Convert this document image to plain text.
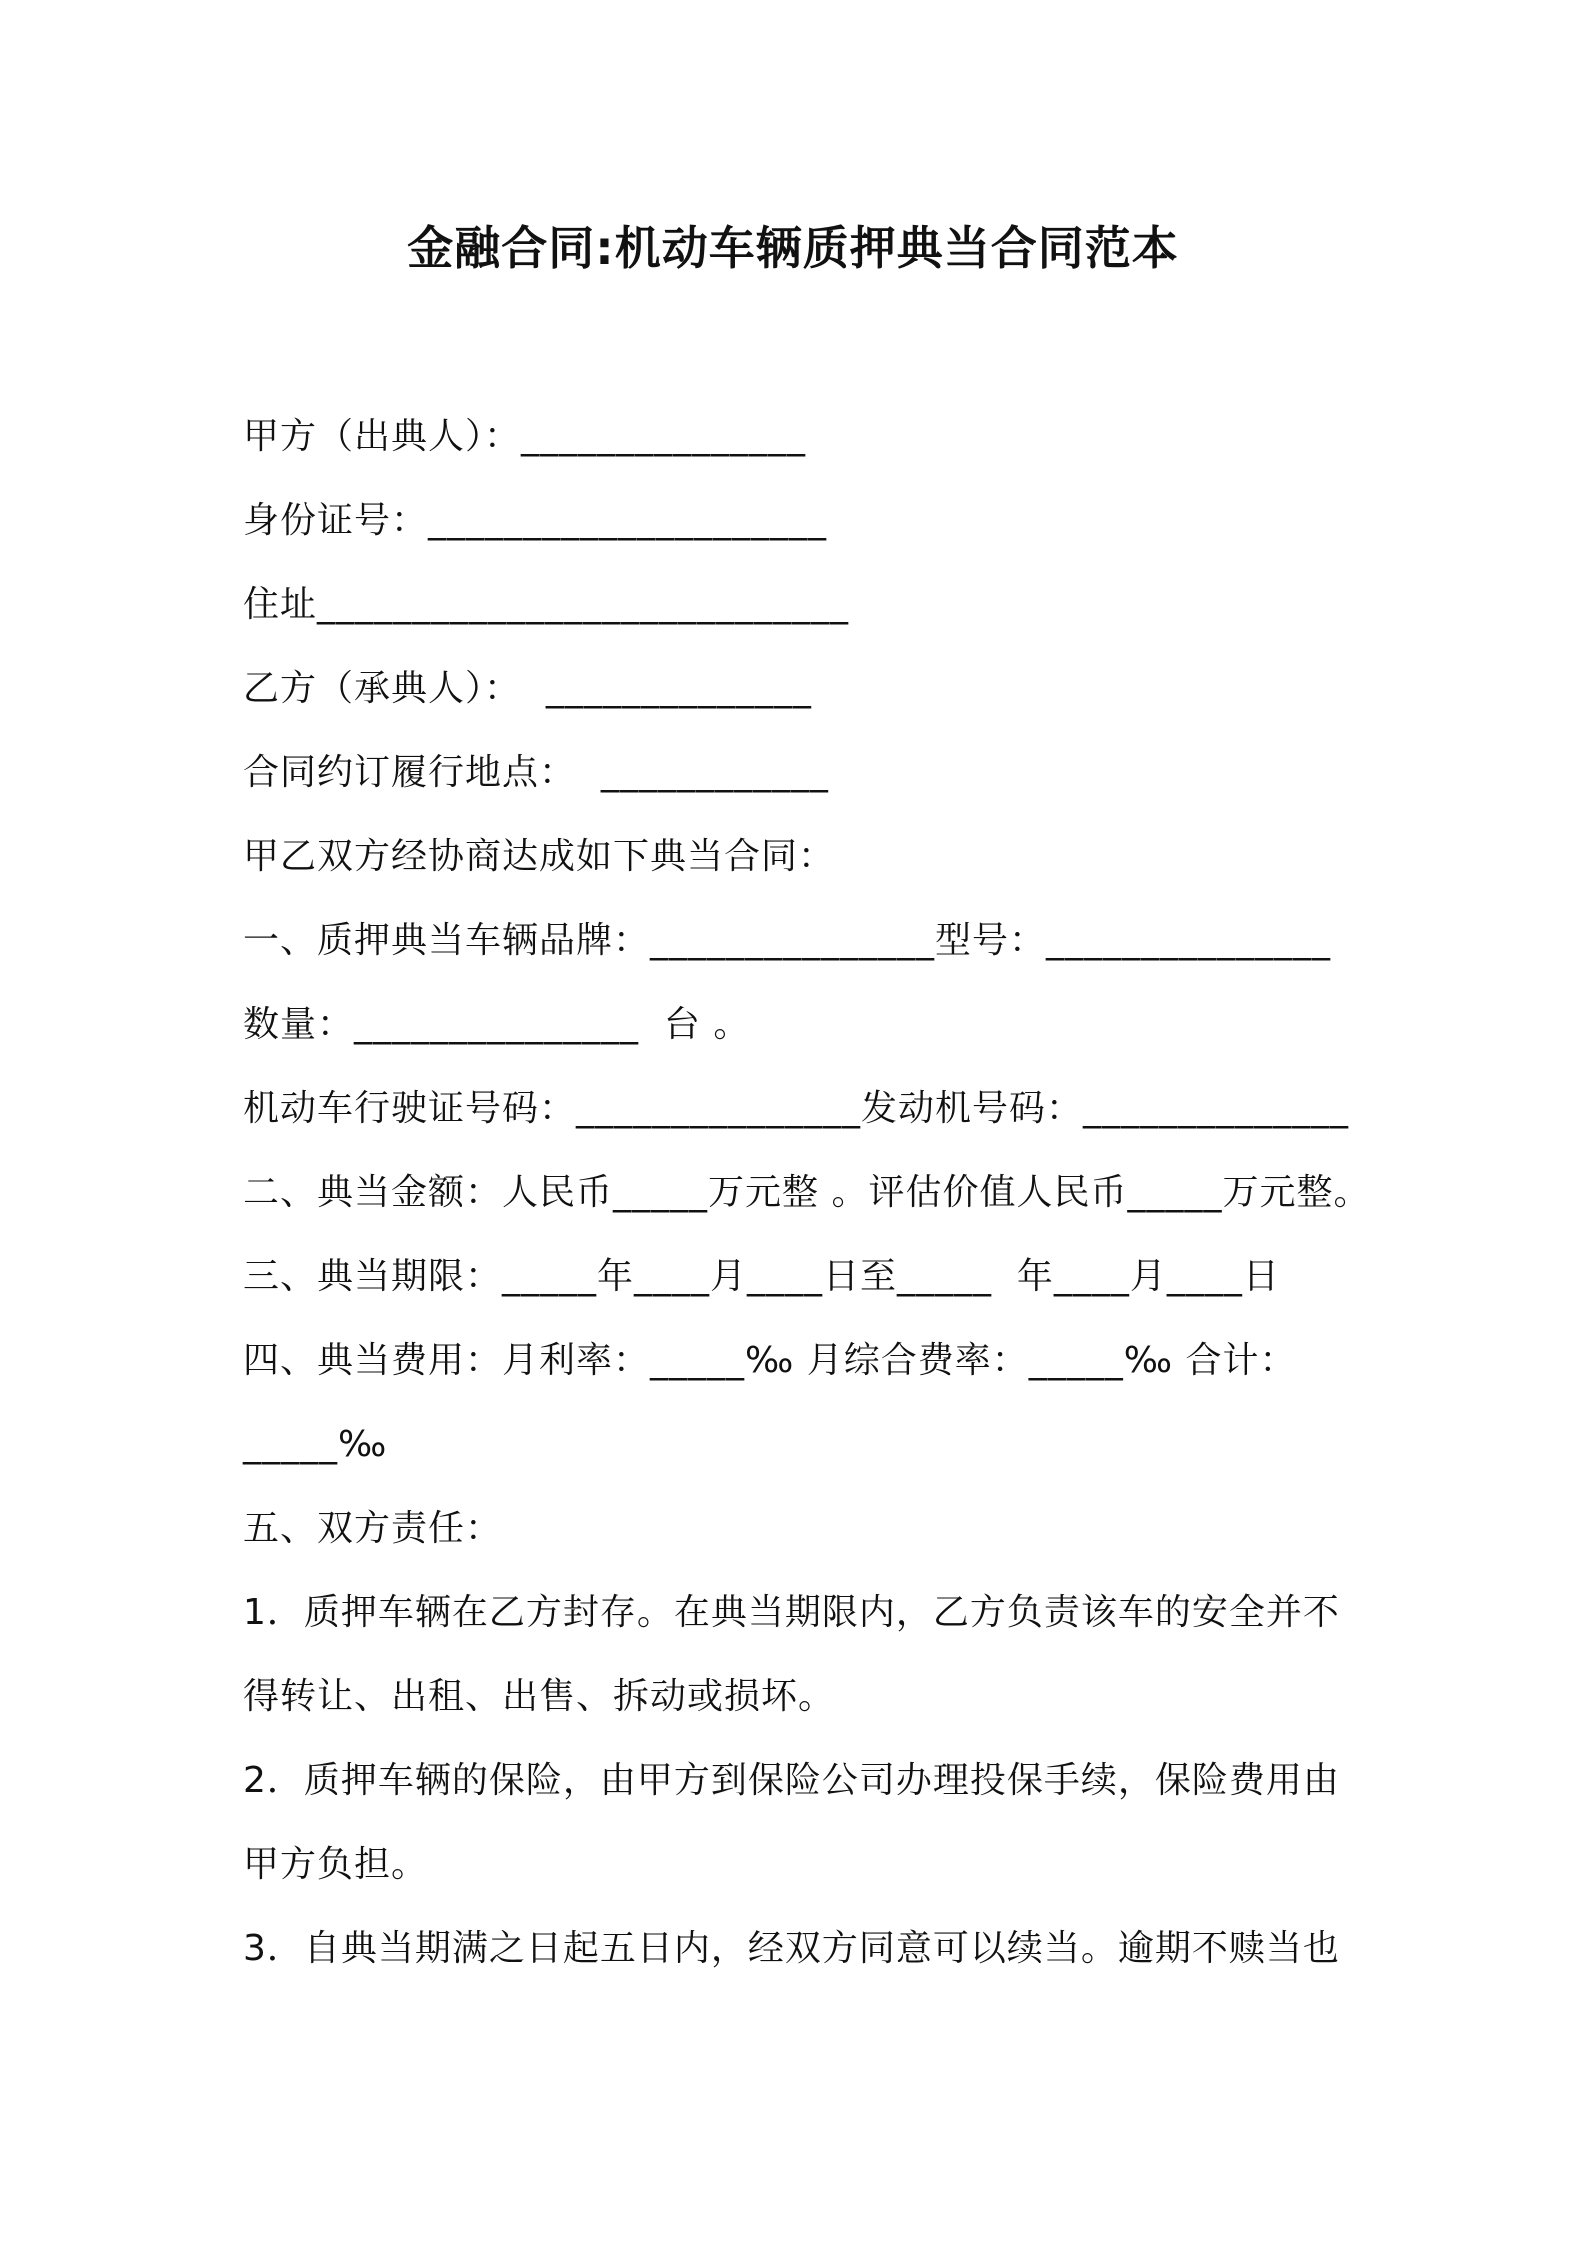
金融合同:机动车辆质押典当合同范本
甲方（出典人）：_______________
身份证号：_____________________
住址____________________________
乙方（承典人）：  ______________
合同约订履行地点：  ____________
甲乙双方经协商达成如下典当合同：
一、质押典当车辆品牌：_______________型号：_______________
数量：_______________  台 。
机动车行驶证号码：_______________发动机号码：______________
二、典当金额：人民币_____万元整 。评估价值人民币_____万元整。
三、典当期限：_____年____月____日至_____  年____月____日
四、典当费用：月利率：_____‰ 月综合费率：_____‰ 合计：
_____‰
五、双方责任：
1．质押车辆在乙方封存。在典当期限内，乙方负责该车的安全并不
得转让、出租、出售、拆动或损坏。
2．质押车辆的保险，由甲方到保险公司办理投保手续，保险费用由
甲方负担。
3．自典当期满之日起五日内，经双方同意可以续当。逾期不赎当也
